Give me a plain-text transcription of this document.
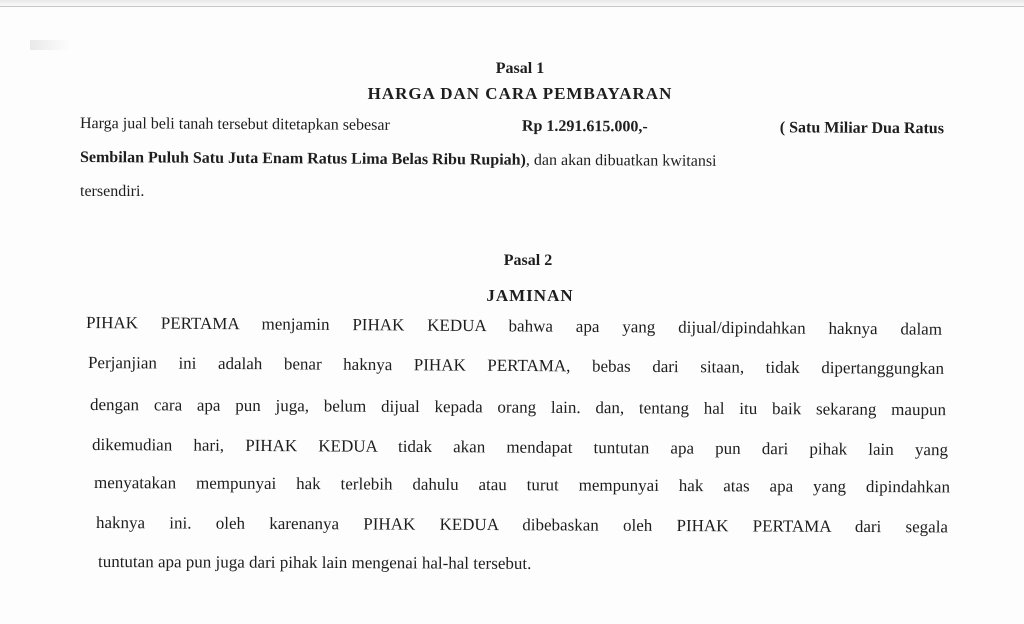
Pasal 1
HARGA DAN CARA PEMBAYARAN
Harga jual beli tanah tersebut ditetapkan sebesar	Rp 1.291.615.000,-	( Satu Miliar Dua Ratus
Sembilan Puluh Satu Juta Enam Ratus Lima Belas Ribu Rupiah), dan akan dibuatkan kwitansi
tersendiri.
Pasal 2
JAMINAN
PIHAK PERTAMA menjamin PIHAK KEDUA bahwa apa yang dijual/dipindahkan haknya dalam
Perjanjian ini adalah benar haknya PIHAK PERTAMA, bebas dari sitaan, tidak dipertanggungkan
dengan cara apa pun juga, belum dijual kepada orang lain. dan, tentang hal itu baik sekarang maupun
dikemudian hari, PIHAK KEDUA tidak akan mendapat tuntutan apa pun dari pihak lain yang
menyatakan mempunyai hak terlebih dahulu atau turut mempunyai hak atas apa yang dipindahkan
haknya ini. oleh karenanya PIHAK KEDUA dibebaskan oleh PIHAK PERTAMA dari segala
tuntutan apa pun juga dari pihak lain mengenai hal-hal tersebut.
